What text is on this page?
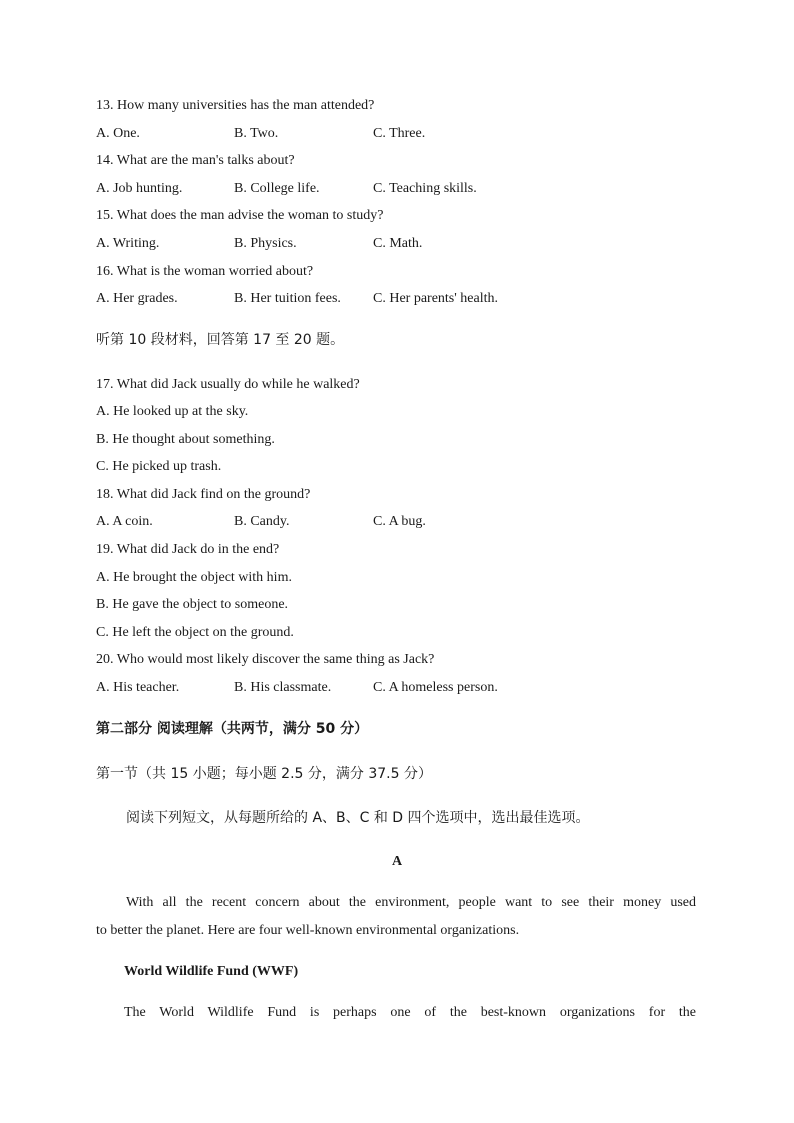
13. How many universities has the man attended?
A. One.	B. Two.	C. Three.
14. What are the man's talks about?
A. Job hunting.	B. College life.	C. Teaching skills.
15. What does the man advise the woman to study?
A. Writing.	B. Physics.	C. Math.
16. What is the woman worried about?
A. Her grades.	B. Her tuition fees. C. Her parents' health.
听第 10 段材料，回答第 17 至 20 题。
17. What did Jack usually do while he walked?
A. He looked up at the sky.
B. He thought about something.
C. He picked up trash.
18. What did Jack find on the ground?
A. A coin.	B. Candy.	C. A bug.
19. What did Jack do in the end?
A. He brought the object with him.
B. He gave the object to someone.
C. He left the object on the ground.
20. Who would most likely discover the same thing as Jack?
A. His teacher.	B. His classmate.	C. A homeless person.
第二部分 阅读理解（共两节，满分 50 分）
第一节（共 15 小题；每小题 2.5 分，满分 37.5 分）
阅读下列短文，从每题所给的 A、B、C 和 D 四个选项中，选出最佳选项。
A
With all the recent concern about the environment, people want to see their money used
to better the planet. Here are four well-known environmental organizations.
World Wildlife Fund (WWF)
The World Wildlife Fund is perhaps one of the best-known organizations for the
